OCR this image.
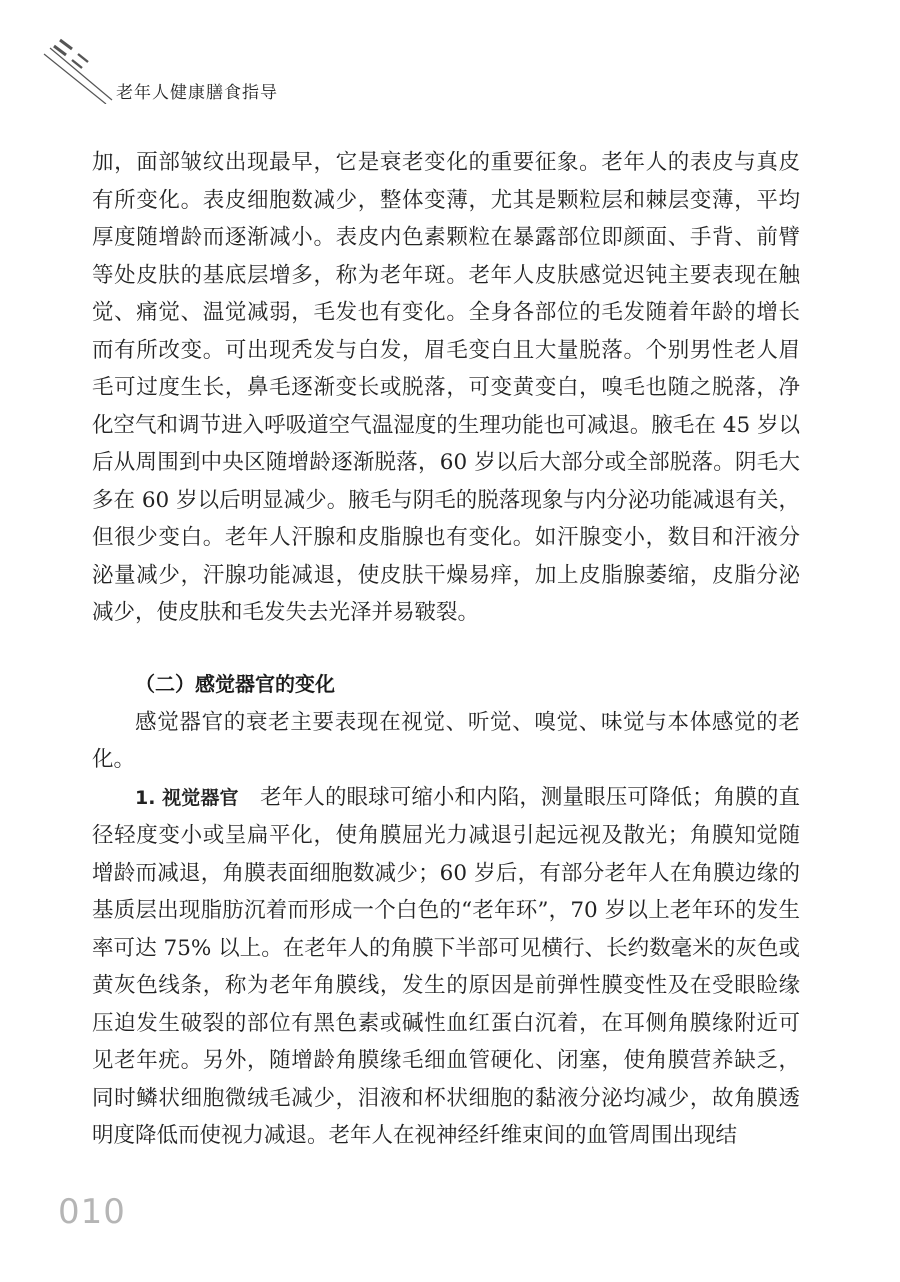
老年人健康膳食指导

加，面部皱纹出现最早，它是衰老变化的重要征象。老年人的表皮与真皮有所变化。表皮细胞数减少，整体变薄，尤其是颗粒层和棘层变薄，平均厚度随增龄而逐渐减小。表皮内色素颗粒在暴露部位即颜面、手背、前臂等处皮肤的基底层增多，称为老年斑。老年人皮肤感觉迟钝主要表现在触觉、痛觉、温觉减弱，毛发也有变化。全身各部位的毛发随着年龄的增长而有所改变。可出现秃发与白发，眉毛变白且大量脱落。个别男性老人眉毛可过度生长，鼻毛逐渐变长或脱落，可变黄变白，嗅毛也随之脱落，净化空气和调节进入呼吸道空气温湿度的生理功能也可减退。腋毛在 45 岁以后从周围到中央区随增龄逐渐脱落，60 岁以后大部分或全部脱落。阴毛大多在 60 岁以后明显减少。腋毛与阴毛的脱落现象与内分泌功能减退有关，但很少变白。老年人汗腺和皮脂腺也有变化。如汗腺变小，数目和汗液分泌量减少，汗腺功能减退，使皮肤干燥易痒，加上皮脂腺萎缩，皮脂分泌减少，使皮肤和毛发失去光泽并易皲裂。

（二）感觉器官的变化

感觉器官的衰老主要表现在视觉、听觉、嗅觉、味觉与本体感觉的老化。

1. 视觉器官　 老年人的眼球可缩小和内陷，测量眼压可降低；角膜的直径轻度变小或呈扁平化，使角膜屈光力减退引起远视及散光；角膜知觉随增龄而减退，角膜表面细胞数减少；60 岁后，有部分老年人在角膜边缘的基质层出现脂肪沉着而形成一个白色的“老年环”，70 岁以上老年环的发生率可达 75% 以上。在老年人的角膜下半部可见横行、长约数毫米的灰色或黄灰色线条，称为老年角膜线，发生的原因是前弹性膜变性及在受眼睑缘压迫发生破裂的部位有黑色素或碱性血红蛋白沉着，在耳侧角膜缘附近可见老年疣。另外，随增龄角膜缘毛细血管硬化、闭塞，使角膜营养缺乏，同时鳞状细胞微绒毛减少，泪液和杯状细胞的黏液分泌均减少，故角膜透明度降低而使视力减退。老年人在视神经纤维束间的血管周围出现结

010
